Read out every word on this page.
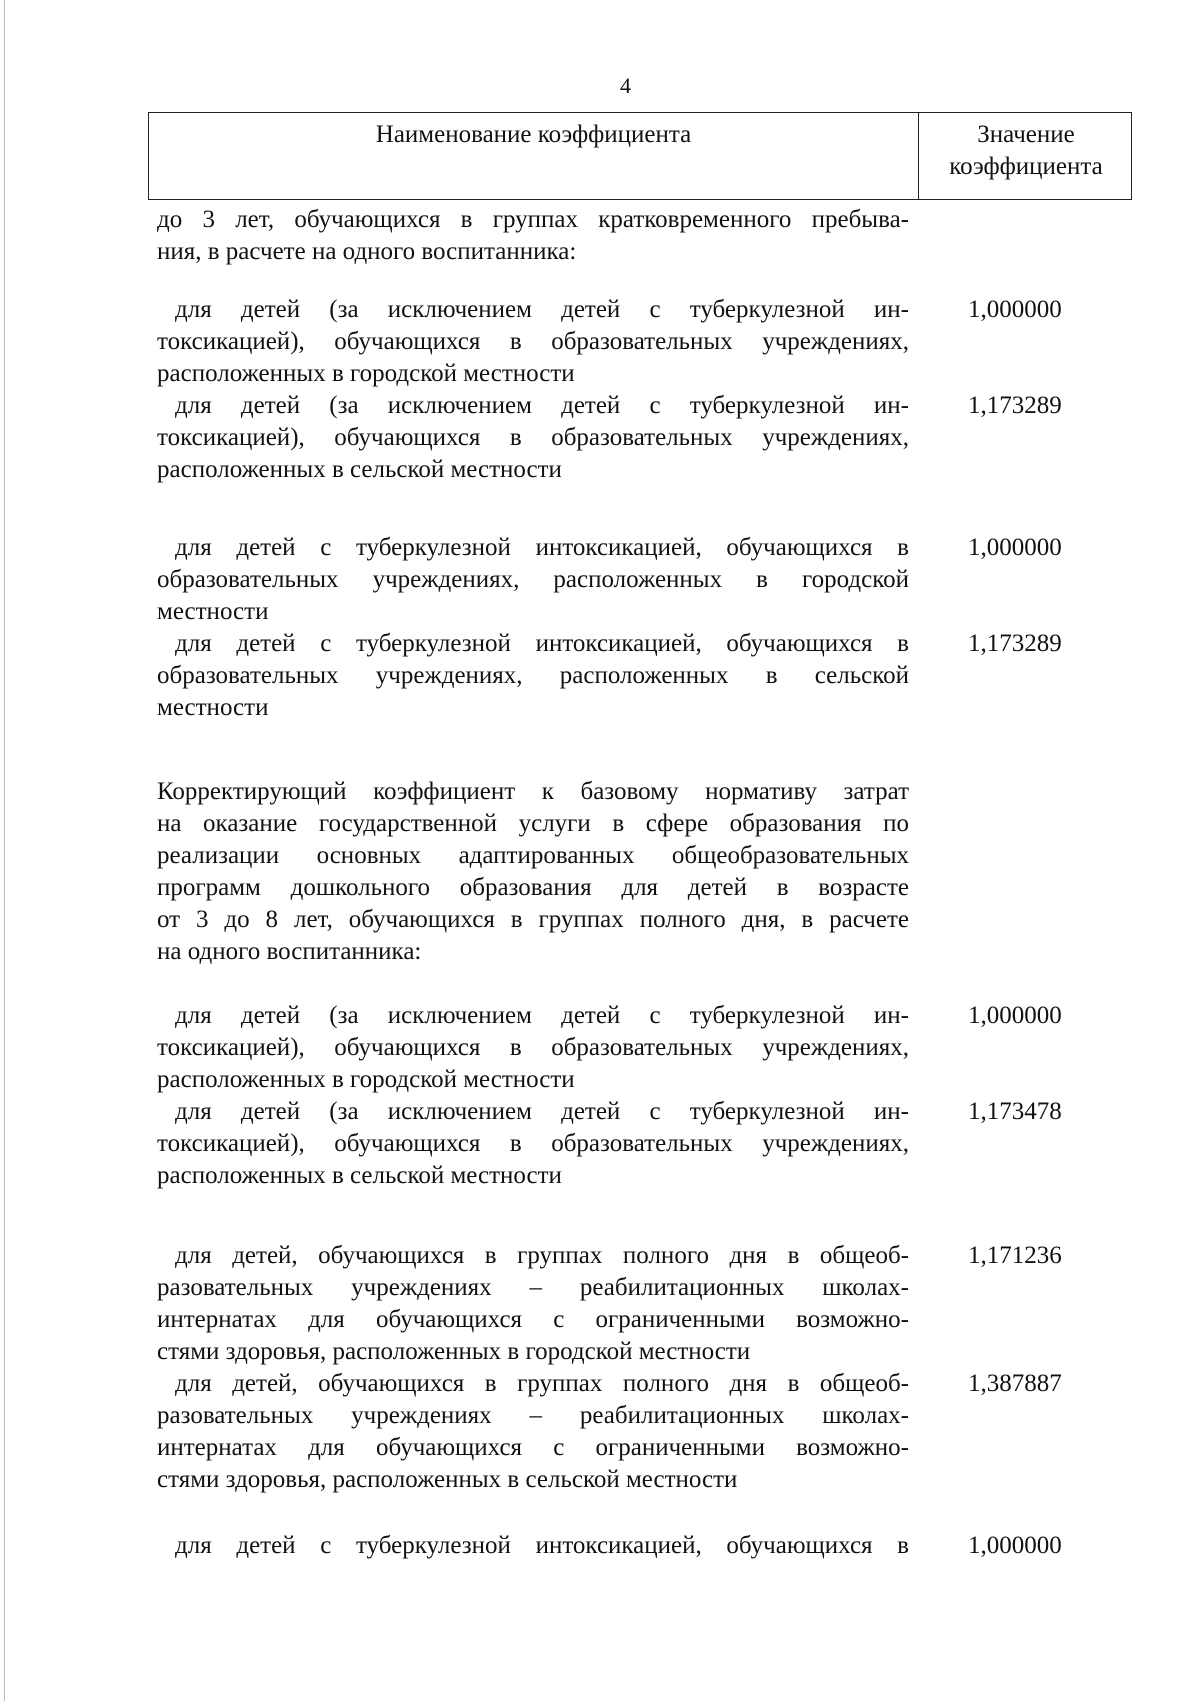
4
Наименование коэффициента	Значение
коэффициента
до 3 лет, обучающихся в группах кратковременного пребыва-
ния, в расчете на одного воспитанника:
для детей (за исключением детей с туберкулезной ин-
токсикацией), обучающихся в образовательных учреждениях,
расположенных в городской местности
1,000000
для детей (за исключением детей с туберкулезной ин-
токсикацией), обучающихся в образовательных учреждениях,
расположенных в сельской местности
1,173289
для детей с туберкулезной интоксикацией, обучающихся в
образовательных учреждениях, расположенных в городской
местности
1,000000
для детей с туберкулезной интоксикацией, обучающихся в
образовательных учреждениях, расположенных в сельской
местности
1,173289
Корректирующий коэффициент к базовому нормативу затрат
на оказание государственной услуги в сфере образования по
реализации основных адаптированных общеобразовательных
программ дошкольного образования для детей в возрасте
от 3 до 8 лет, обучающихся в группах полного дня, в расчете
на одного воспитанника:
для детей (за исключением детей с туберкулезной ин-
токсикацией), обучающихся в образовательных учреждениях,
расположенных в городской местности
1,000000
для детей (за исключением детей с туберкулезной ин-
токсикацией), обучающихся в образовательных учреждениях,
расположенных в сельской местности
1,173478
для детей, обучающихся в группах полного дня в общеоб-
разовательных учреждениях – реабилитационных школах-
интернатах для обучающихся с ограниченными возможно-
стями здоровья, расположенных в городской местности
1,171236
для детей, обучающихся в группах полного дня в общеоб-
разовательных учреждениях – реабилитационных школах-
интернатах для обучающихся с ограниченными возможно-
стями здоровья, расположенных в сельской местности
1,387887
для детей с туберкулезной интоксикацией, обучающихся в 1,000000
